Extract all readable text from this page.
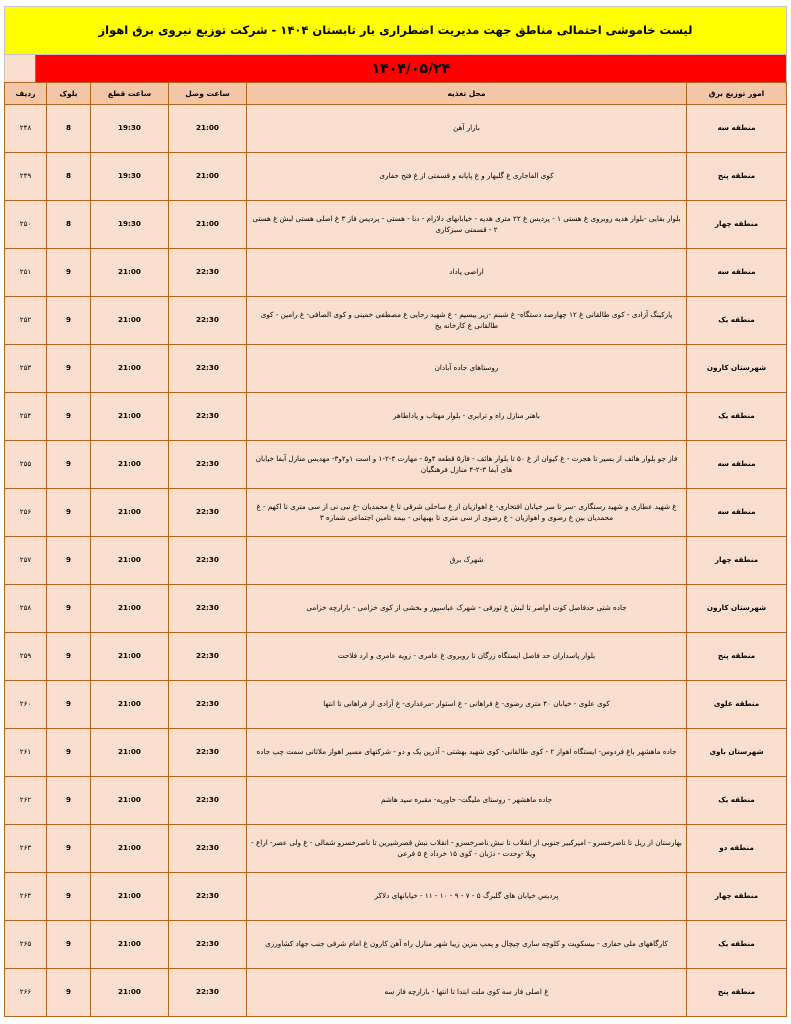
لیست خاموشی احتمالی مناطق جهت مدیریت اضطراری بار تابستان ۱۴۰۴ - شرکت توزیع نیروی برق اهواز
۱۴۰۴/۰۵/۲۴
امور توزیع برق	محل تغذیه	ساعت وصل	ساعت قطع	بلوک	ردیف
منطقه سه	بازار آهن	21:00	19:30	8	۲۴۸
منطقه پنج	کوی الفاجاری غ گلبهار و غ پایانه و قسمتی از غ فتح حفاری	21:00	19:30	8	۲۴۹
منطقه چهار	بلوار بقایی -بلوار هدیه روبروی غ هستی ۱ - پردیس غ ۲۲ متری هدیه - خیابانهای دلارام - دنا - هستی - پردیس فاز ۳ غ اصلی هستی لبش غ هستی ۲ - قسمتی سبزکاری	21:00	19:30	8	۲۵۰
منطقه سه	اراضی پاداد	22:30	21:00	9	۲۵۱
منطقه یک	پارکینگ آزادی - کوی طالقانی غ ۱۲ چهارصد دستگاه- غ شبنم -زیر بیسیم - غ شهید رجایی غ مصطفی خمینی و کوی الصافی- غ رامین - کوی طالقانی غ کارخانه یخ	22:30	21:00	9	۲۵۲
شهرستان کارون	روستاهای جاده آبادان	22:30	21:00	9	۲۵۳
منطقه یک	باهنر منازل راه و ترابری - بلوار مهتاب و پاداطاهر	22:30	21:00	9	۲۵۴
منطقه سه	فاز جو بلوار هائف از بسیر تا هجرت - غ کیوان از غ ۵۰ تا بلوار هائف - فاز۵ قطعه ۴و۵ - مهارت ۳-۲-۱ و است ۱و۲و۳- مهدیس منازل آبفا خیابان های آبفا ۳-۲-۴ منازل فرهنگیان	22:30	21:00	9	۲۵۵
منطقه سه	غ شهید عطاری و شهید رستگاری -سر تا سر خیابان افتخاری- غ اهوازیان از غ ساحلی شرقی تا غ محمدیان -غ نبی نی از سی متری تا اکهم - غ محمدیان بین غ رضوی و اهوازیان - غ رضوی از سی متری تا بهبهانی - بیمه تامین اجتماعی شماره ۳	22:30	21:00	9	۲۵۶
منطقه چهار	شهرک برق	22:30	21:00	9	۲۵۷
شهرستان کارون	جاده شتی حدفاصل کوت اواصر تا لبش غ ثورقی - شهرک عباسپور و بخشی از کوی خزامی - بازارچه خزامی	22:30	21:00	9	۲۵۸
منطقه پنج	بلوار پاسداران حد فاصل ایستگاه زرگان تا روبروی غ عامری - زویه عامری و ارد فلاحت	22:30	21:00	9	۲۵۹
منطقه علوی	کوی علوی - خیابان ۴۰ متری رضوی- غ فراهانی - غ استوار -مرغداری- غ آزادی از فراهانی تا انتها	22:30	21:00	9	۲۶۰
شهرستان باوی	جاده ماهشهر باغ فردوس- ایستگاه اهواز ۲ - کوی طالقانی- کوی شهید بهشتی - آذرین یک و دو - شرکتهای مسیر اهواز ملاثانی سمت چپ جاده	22:30	21:00	9	۲۶۱
منطقه یک	جاده ماهشهر - روستای ملیگت- خاوریه- مقبره سید هاشم	22:30	21:00	9	۲۶۲
منطقه دو	بهارستان از ریل تا ناصرخسرو - امیرکبیر جنوبی از انقلاب تا نبش ناصرخسرو - انقلاب نبش قصرشیرین تا ناصرخسرو شمالی - غ ولی عصر- اراع - ویلا -وحدت - دژبان - کوی ۱۵ خرداد غ ۵ فرعی	22:30	21:00	9	۲۶۳
منطقه چهار	پردیس خیابان های گلبرگ ۵ - ۷ - ۹ - ۱۰ - ۱۱ - خیابانهای دلاکر	22:30	21:00	9	۲۶۴
منطقه یک	کارگاههای ملی حفاری - بیسکویت و کلوچه سازی چیچال و پمپ بنزین زیبا شهر منازل راه آهن کارون غ امام شرقی جنب جهاد کشاورزی	22:30	21:00	9	۲۶۵
منطقه پنج	غ اصلی فاز سه کوی ملت ابتدا تا انتها - بازارچه فاز سه	22:30	21:00	9	۲۶۶
